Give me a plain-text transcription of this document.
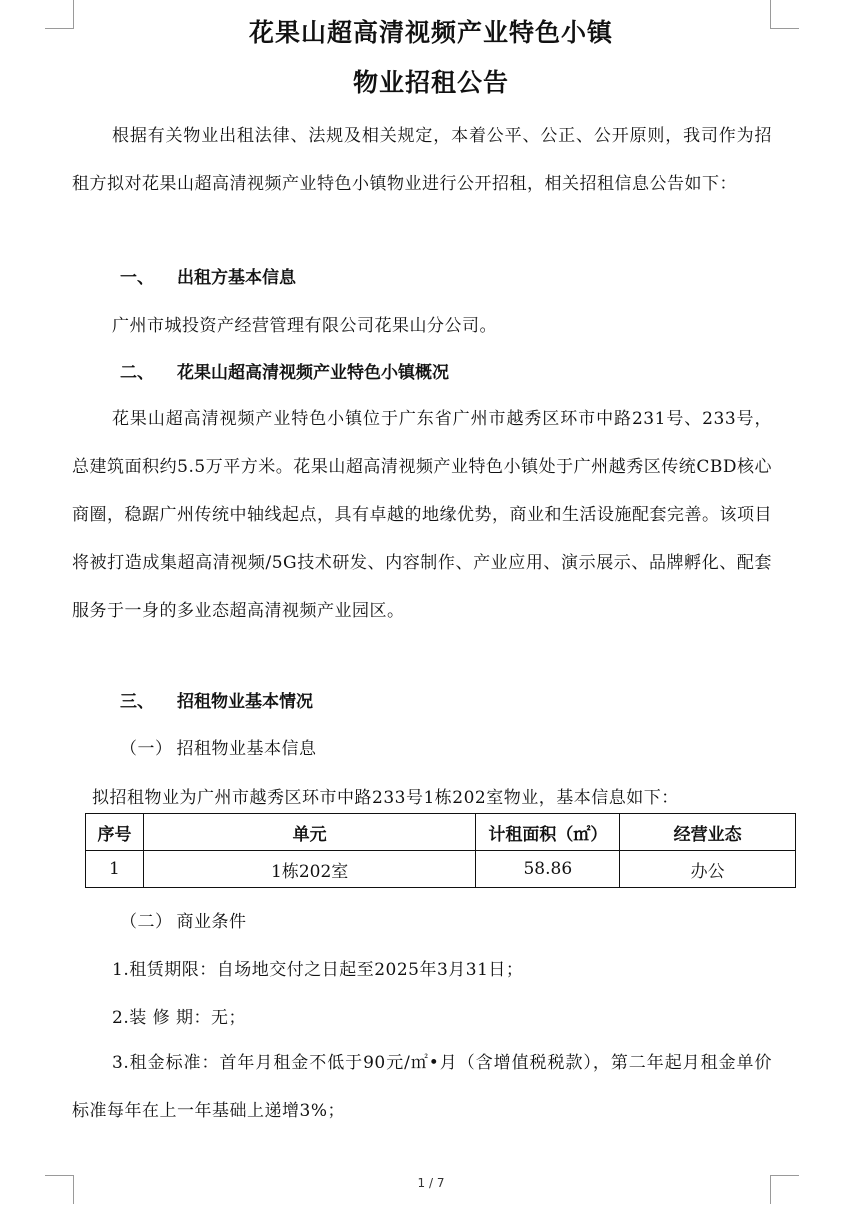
花果山超高清视频产业特色小镇
物业招租公告

根据有关物业出租法律、法规及相关规定，本着公平、公正、公开原则，我司作为招租方拟对花果山超高清视频产业特色小镇物业进行公开招租，相关招租信息公告如下：

一、 出租方基本信息

广州市城投资产经营管理有限公司花果山分公司。

二、 花果山超高清视频产业特色小镇概况

花果山超高清视频产业特色小镇位于广东省广州市越秀区环市中路231号、233号，总建筑面积约5.5万平方米。花果山超高清视频产业特色小镇处于广州越秀区传统CBD核心商圈，稳踞广州传统中轴线起点，具有卓越的地缘优势，商业和生活设施配套完善。该项目将被打造成集超高清视频/5G技术研发、内容制作、产业应用、演示展示、品牌孵化、配套服务于一身的多业态超高清视频产业园区。

三、 招租物业基本情况
（一） 招租物业基本信息
拟招租物业为广州市越秀区环市中路233号1栋202室物业，基本信息如下：
序号	单元	计租面积（㎡）	经营业态
1	1栋202室	58.86	办公
（二） 商业条件
1.租赁期限：自场地交付之日起至2025年3月31日；
2.装 修 期：无；

3.租金标准：首年月租金不低于90元/㎡•月（含增值税税款），第二年起月租金单价标准每年在上一年基础上递增3%；

1 / 7
